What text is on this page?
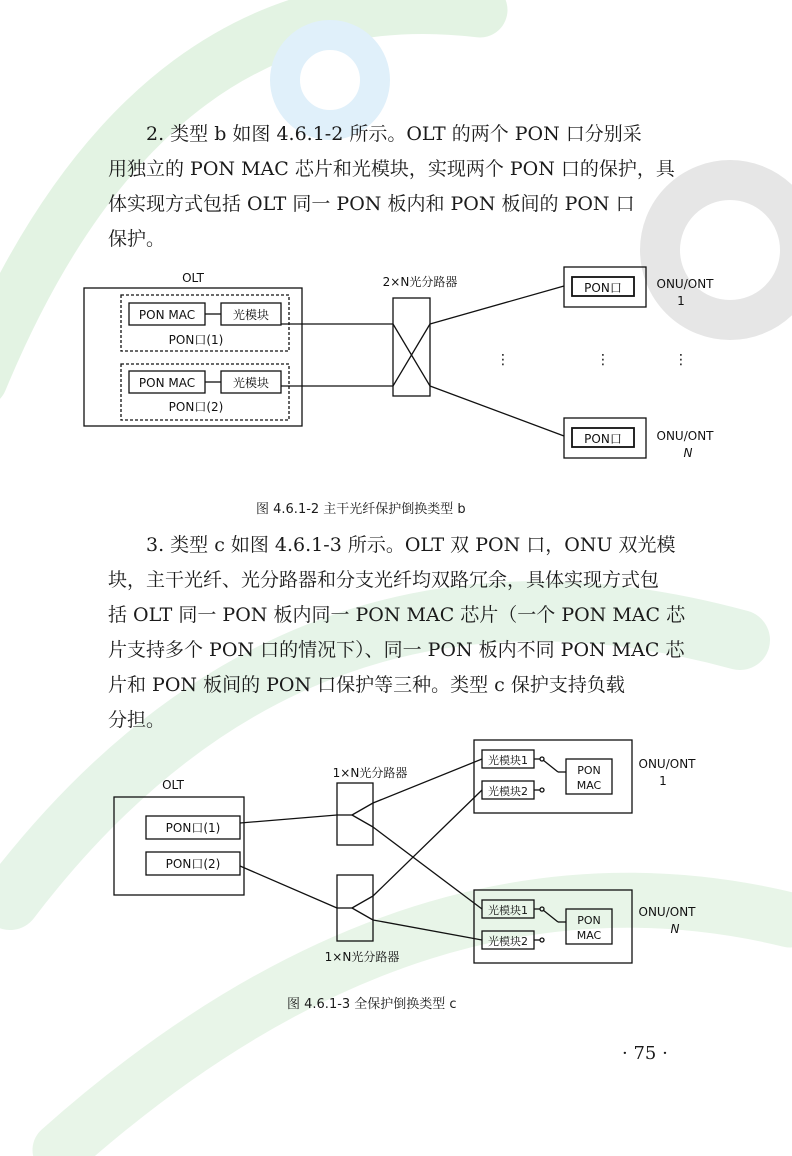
2. 类型 b 如图 4.6.1-2 所示。OLT 的两个 PON 口分别采
用独立的 PON MAC 芯片和光模块，实现两个 PON 口的保护，具
体实现方式包括 OLT 同一 PON 板内和 PON 板间的 PON 口
保护。
OLT
PON MAC	光模块
PON口(1)
PON MAC	光模块
PON口(2)
2×N光分路器	PON口
PON口
ONU/ONT
1
ONU/ONT
N
⋮	⋮	⋮
图 4.6.1-2 主干光纤保护倒换类型 b
3. 类型 c 如图 4.6.1-3 所示。OLT 双 PON 口，ONU 双光模
块，主干光纤、光分路器和分支光纤均双路冗余，具体实现方式包
括 OLT 同一 PON 板内同一 PON MAC 芯片（一个 PON MAC 芯
片支持多个 PON 口的情况下）、同一 PON 板内不同 PON MAC 芯
片和 PON 板间的 PON 口保护等三种。类型 c 保护支持负载
分担。
OLT
PON口(1)
PON口(2)
1×N光分路器
1×N光分路器
光模块1
光模块2
PON
MAC
光模块1
光模块2
PON
MAC
ONU/ONT
1
ONU/ONT
N
图 4.6.1-3 全保护倒换类型 c
· 75 ·
